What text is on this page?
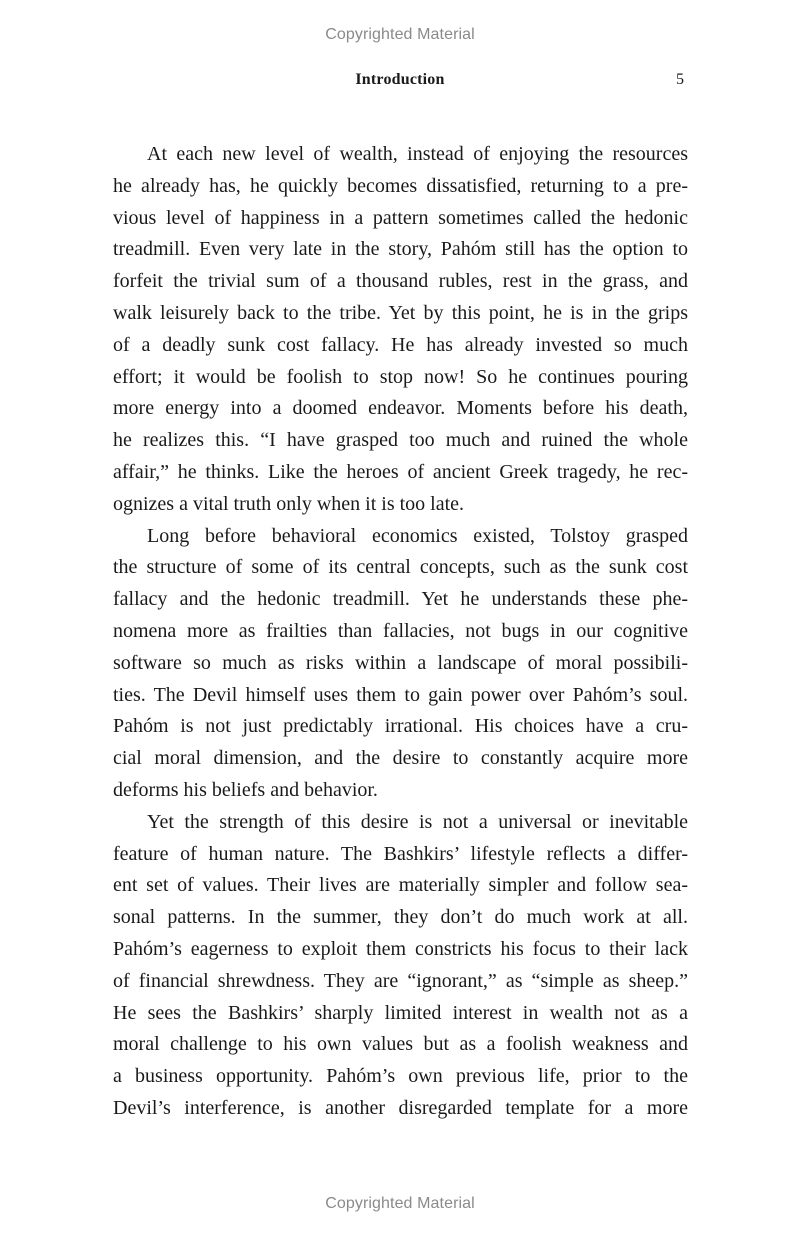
Copyrighted Material
Introduction	5
At each new level of wealth, instead of enjoying the resources
he already has, he quickly becomes dissatisfied, returning to a pre-
vious level of happiness in a pattern sometimes called the hedonic
treadmill. Even very late in the story, Pahóm still has the option to
forfeit the trivial sum of a thousand rubles, rest in the grass, and
walk leisurely back to the tribe. Yet by this point, he is in the grips
of a deadly sunk cost fallacy. He has already invested so much
effort; it would be foolish to stop now! So he continues pouring
more energy into a doomed endeavor. Moments before his death,
he realizes this. “I have grasped too much and ruined the whole
affair,” he thinks. Like the heroes of ancient Greek tragedy, he rec-
ognizes a vital truth only when it is too late.
Long before behavioral economics existed, Tolstoy grasped
the structure of some of its central concepts, such as the sunk cost
fallacy and the hedonic treadmill. Yet he understands these phe-
nomena more as frailties than fallacies, not bugs in our cognitive
software so much as risks within a landscape of moral possibili-
ties. The Devil himself uses them to gain power over Pahóm’s soul.
Pahóm is not just predictably irrational. His choices have a cru-
cial moral dimension, and the desire to constantly acquire more
deforms his beliefs and behavior.
Yet the strength of this desire is not a universal or inevitable
feature of human nature. The Bashkirs’ lifestyle reflects a differ-
ent set of values. Their lives are materially simpler and follow sea-
sonal patterns. In the summer, they don’t do much work at all.
Pahóm’s eagerness to exploit them constricts his focus to their lack
of financial shrewdness. They are “ignorant,” as “simple as sheep.”
He sees the Bashkirs’ sharply limited interest in wealth not as a
moral challenge to his own values but as a foolish weakness and
a business opportunity. Pahóm’s own previous life, prior to the
Devil’s interference, is another disregarded template for a more
Copyrighted Material
